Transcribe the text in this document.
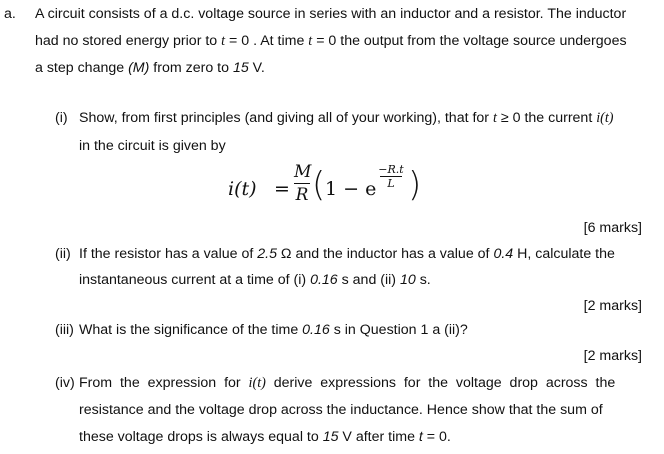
a. A circuit consists of a d.c. voltage source in series with an inductor and a resistor. The inductor
had no stored energy prior to t = 0 . At time t = 0 the output from the voltage source undergoes
a step change (M) from zero to 15 V.
(i) Show, from first principles (and giving all of your working), that for t ≥ 0 the current i(t)
in the circuit is given by
i(t) =
M
R ( 1 − e
−R.t
L )
[6 marks]
(ii) If the resistor has a value of 2.5 Ω and the inductor has a value of 0.4 H, calculate the
instantaneous current at a time of (i) 0.16 s and (ii) 10 s.
[2 marks]
(iii) What is the significance of the time 0.16 s in Question 1 a (ii)?
[2 marks]
(iv) From  the  expression  for  i(t)  derive  expressions  for  the  voltage  drop  across  the
resistance and the voltage drop across the inductance. Hence show that the sum of
these voltage drops is always equal to 15 V after time t = 0.
